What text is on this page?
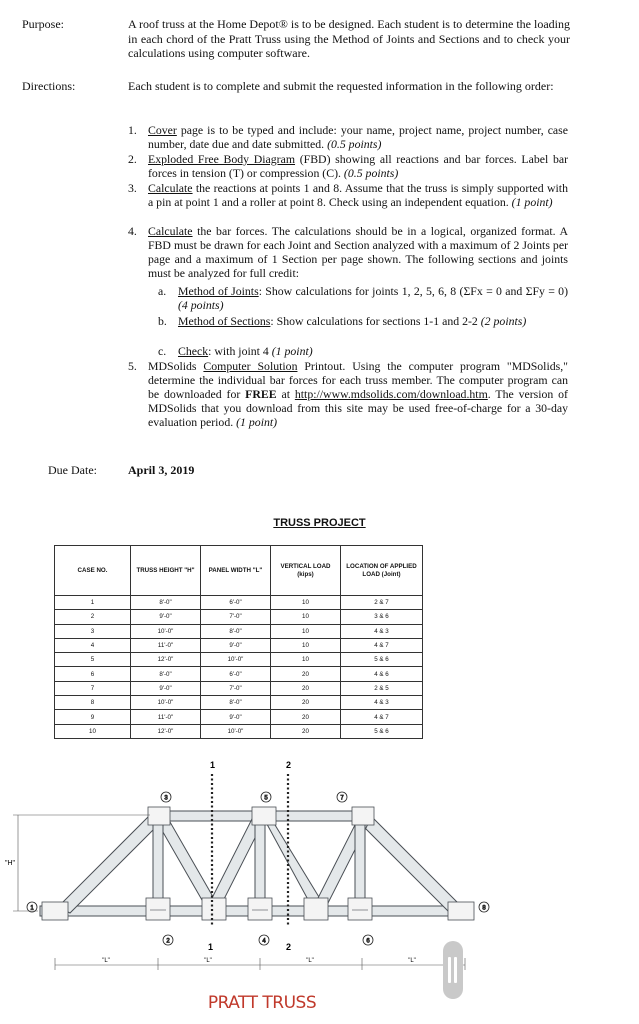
Purpose:	A roof truss at the Home Depot® is to be designed. Each student is to determine the loading in each chord of the Pratt Truss using the Method of Joints and Sections and to check your calculations using computer software.
Directions:	Each student is to complete and submit the requested information in the following order:
1. Cover page is to be typed and include: your name, project name, project number, case number, date due and date submitted. (0.5 points)
2. Exploded Free Body Diagram (FBD) showing all reactions and bar forces. Label bar forces in tension (T) or compression (C). (0.5 points)
3. Calculate the reactions at points 1 and 8. Assume that the truss is simply supported with a pin at point 1 and a roller at point 8. Check using an independent equation. (1 point)
4. Calculate the bar forces. The calculations should be in a logical, organized format. A FBD must be drawn for each Joint and Section analyzed with a maximum of 2 Joints per page and a maximum of 1 Section per page shown. The following sections and joints must be analyzed for full credit:
a. Method of Joints: Show calculations for joints 1, 2, 5, 6, 8 (ΣFx = 0 and ΣFy = 0) (4 points)
b. Method of Sections: Show calculations for sections 1-1 and 2-2 (2 points)
c. Check: with joint 4 (1 point)
5. MDSolids Computer Solution Printout. Using the computer program "MDSolids," determine the individual bar forces for each truss member. The computer program can be downloaded for FREE at http://www.mdsolids.com/download.htm. The version of MDSolids that you download from this site may be used free-of-charge for a 30-day evaluation period. (1 point)
Due Date:	April 3, 2019
TRUSS PROJECT
CASE NO.	TRUSS HEIGHT "H"	PANEL WIDTH "L"	VERTICAL LOAD (kips)	LOCATION OF APPLIED LOAD (Joint)
1	8'-0"	6'-0"	10	2 & 7
2	9'-0"	7'-0"	10	3 & 6
3	10'-0"	8'-0"	10	4 & 3
4	11'-0"	9'-0"	10	4 & 7
5	12'-0"	10'-0"	10	5 & 6
6	8'-0"	6'-0"	20	4 & 6
7	9'-0"	7'-0"	20	2 & 5
8	10'-0"	8'-0"	20	4 & 3
9	11'-0"	9'-0"	20	4 & 7
10	12'-0"	10'-0"	20	5 & 6
1	2
1	2
1
2
3
4
5
6
7
8
"H"
"L"	"L"	"L"	"L"
PRATT TRUSS
